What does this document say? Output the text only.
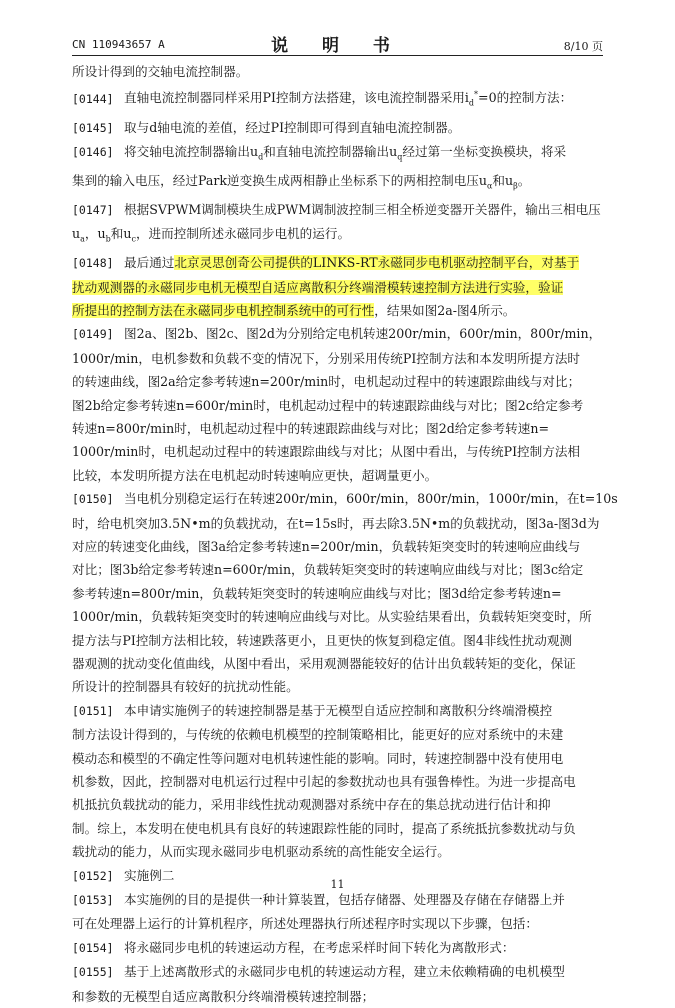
CN 110943657 A	说 明 书	8/10 页
所设计得到的交轴电流控制器。
[0144] 直轴电流控制器同样采用PI控制方法搭建，该电流控制器采用$i_d^*=0$的控制方法：
[0145] 取与d轴电流的差值，经过PI控制即可得到直轴电流控制器。
[0146] 将交轴电流控制器输出$u_d$和直轴电流控制器输出$u_q$经过第一坐标变换模块，将采
集到的输入电压，经过Park逆变换生成两相静止坐标系下的两相控制电压$u_\alpha$和$u_\beta$。
[0147] 根据SVPWM调制模块生成PWM调制波控制三相全桥逆变器开关器件，输出三相电压
$u_a$，$u_b$和$u_c$，进而控制所述永磁同步电机的运行。
[0148] 最后通过北京灵思创奇公司提供的LINKS-RT永磁同步电机驱动控制平台，对基于
扰动观测器的永磁同步电机无模型自适应离散积分终端滑模转速控制方法进行实验，验证
所提出的控制方法在永磁同步电机控制系统中的可行性，结果如图2a-图4所示。
[0149] 图2a、图2b、图2c、图2d为分别给定电机转速200r/min，600r/min，800r/min，
1000r/min，电机参数和负载不变的情况下，分别采用传统PI控制方法和本发明所提方法时
的转速曲线，图2a给定参考转速n=200r/min时，电机起动过程中的转速跟踪曲线与对比；
图2b给定参考转速n=600r/min时，电机起动过程中的转速跟踪曲线与对比；图2c给定参考
转速n=800r/min时，电机起动过程中的转速跟踪曲线与对比；图2d给定参考转速n=
1000r/min时，电机起动过程中的转速跟踪曲线与对比；从图中看出，与传统PI控制方法相
比较，本发明所提方法在电机起动时转速响应更快，超调量更小。
[0150] 当电机分别稳定运行在转速200r/min，600r/min，800r/min，1000r/min，在t=10s
时，给电机突加3.5N•m的负载扰动，在t=15s时，再去除3.5N•m的负载扰动，图3a-图3d为
对应的转速变化曲线，图3a给定参考转速n=200r/min，负载转矩突变时的转速响应曲线与
对比；图3b给定参考转速n=600r/min，负载转矩突变时的转速响应曲线与对比；图3c给定
参考转速n=800r/min，负载转矩突变时的转速响应曲线与对比；图3d给定参考转速n=
1000r/min，负载转矩突变时的转速响应曲线与对比。从实验结果看出，负载转矩突变时，所
提方法与PI控制方法相比较，转速跌落更小，且更快的恢复到稳定值。图4非线性扰动观测
器观测的扰动变化值曲线，从图中看出，采用观测器能较好的估计出负载转矩的变化，保证
所设计的控制器具有较好的抗扰动性能。
[0151] 本申请实施例子的转速控制器是基于无模型自适应控制和离散积分终端滑模控
制方法设计得到的，与传统的依赖电机模型的控制策略相比，能更好的应对系统中的未建
模动态和模型的不确定性等问题对电机转速性能的影响。同时，转速控制器中没有使用电
机参数，因此，控制器对电机运行过程中引起的参数扰动也具有强鲁棒性。为进一步提高电
机抵抗负载扰动的能力，采用非线性扰动观测器对系统中存在的集总扰动进行估计和抑
制。综上，本发明在使电机具有良好的转速跟踪性能的同时，提高了系统抵抗参数扰动与负
载扰动的能力，从而实现永磁同步电机驱动系统的高性能安全运行。
[0152] 实施例二
[0153] 本实施例的目的是提供一种计算装置，包括存储器、处理器及存储在存储器上并
可在处理器上运行的计算机程序，所述处理器执行所述程序时实现以下步骤，包括：
[0154] 将永磁同步电机的转速运动方程，在考虑采样时间下转化为离散形式：
[0155] 基于上述离散形式的永磁同步电机的转速运动方程，建立未依赖精确的电机模型
和参数的无模型自适应离散积分终端滑模转速控制器；
11
